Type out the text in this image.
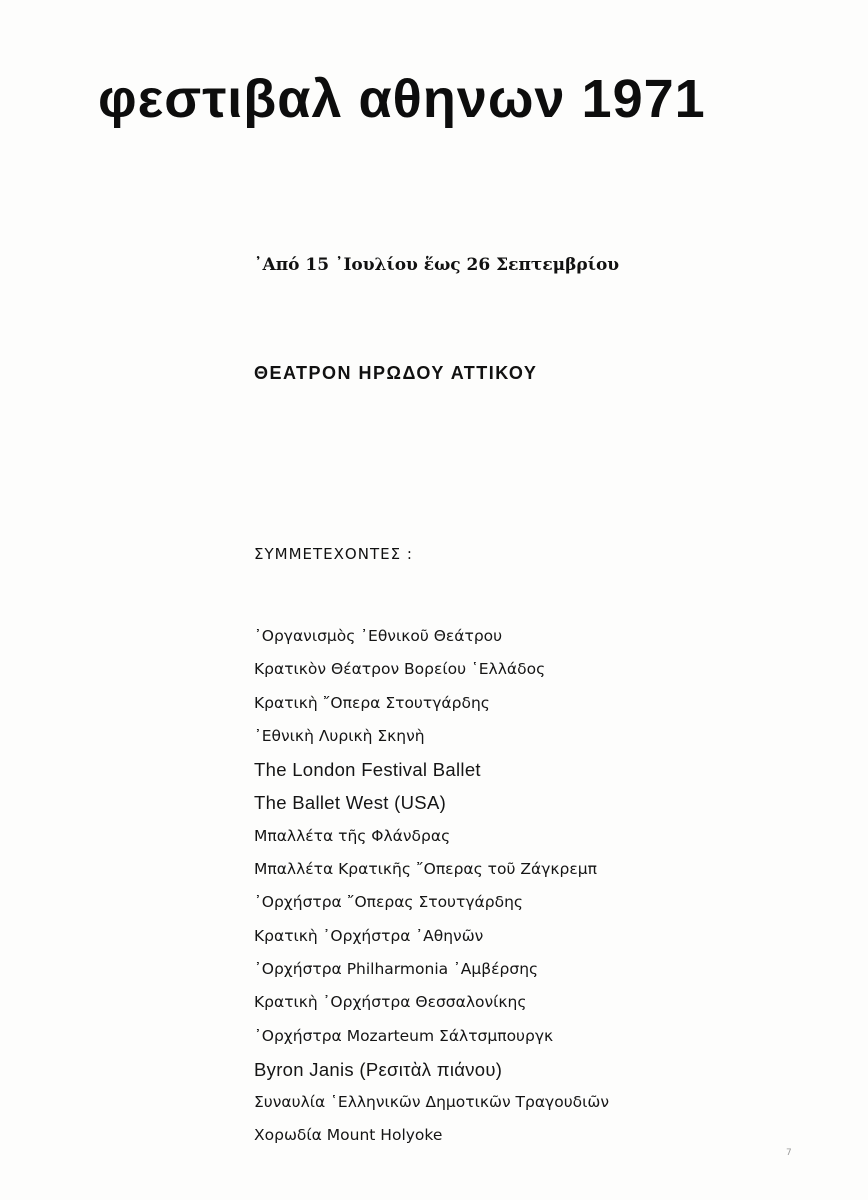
φεστιβαλ αθηνων 1971

᾿Από 15 ᾿Ιουλίου ἕως 26 Σεπτεμβρίου

ΘΕΑΤΡΟΝ ΗΡΩΔΟΥ ΑΤΤΙΚΟΥ

ΣΥΜΜΕΤΕΧΟΝΤΕΣ :

᾿Οργανισμὸς ᾿Εθνικοῦ Θεάτρου
Κρατικὸν Θέατρον Βορείου ῾Ελλάδος
Κρατικὴ ῎Οπερα Στουτγάρδης
᾿Εθνικὴ Λυρικὴ Σκηνὴ
The London Festival Ballet
The Ballet West (USA)
Μπαλλέτα τῆς Φλάνδρας
Μπαλλέτα Κρατικῆς ῎Οπερας τοῦ Ζάγκρεμπ
᾿Ορχήστρα ῎Οπερας Στουτγάρδης
Κρατικὴ ᾿Ορχήστρα ᾿Αθηνῶν
᾿Ορχήστρα Philharmonia ᾿Αμβέρσης
Κρατικὴ ᾿Ορχήστρα Θεσσαλονίκης
᾿Ορχήστρα Mozarteum Σάλτσμπουργκ
Byron Janis (Ρεσιτὰλ πιάνου)
Συναυλία ῾Ελληνικῶν Δημοτικῶν Τραγουδιῶν
Χορωδία Mount Holyoke
7
